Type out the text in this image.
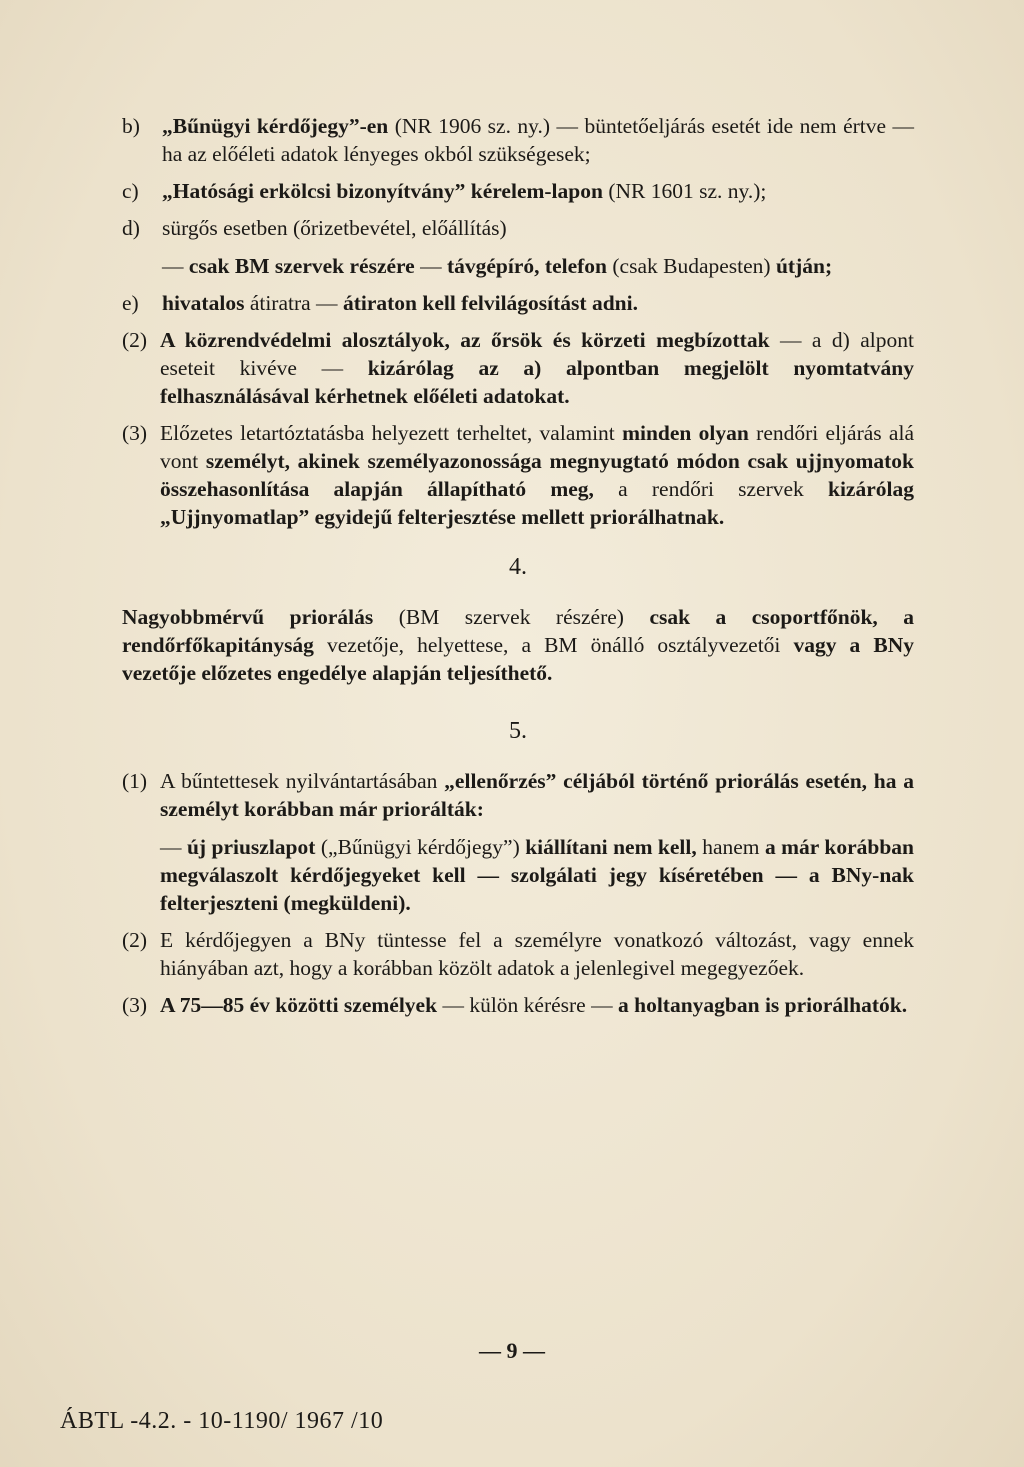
b) „Bűnügyi kérdőjegy”-en (NR 1906 sz. ny.) — büntetőeljárás esetét ide nem értve — ha az előéleti adatok lényeges okból szükségesek;

c) „Hatósági erkölcsi bizonyítvány” kérelem-lapon (NR 1601 sz. ny.);

d) sürgős esetben (őrizetbevétel, előállítás)

— csak BM szervek részére — távgépíró, telefon (csak Budapesten) útján;

e) hivatalos átiratra — átiraton kell felvilágosítást adni.

(2) A közrendvédelmi alosztályok, az őrsök és körzeti megbízottak — a d) alpont eseteit kivéve — kizárólag az a) alpontban megjelölt nyomtatvány felhasználásával kérhetnek előéleti adatokat.

(3) Előzetes letartóztatásba helyezett terheltet, valamint minden olyan rendőri eljárás alá vont személyt, akinek személyazonossága megnyugtató módon csak ujjnyomatok összehasonlítása alapján állapítható meg, a rendőri szervek kizárólag „Ujjnyomatlap” egyidejű felterjesztése mellett priorálhatnak.

4.

Nagyobbmérvű priorálás (BM szervek részére) csak a csoportfőnök, a rendőrfőkapitányság vezetője, helyettese, a BM önálló osztályvezetői vagy a BNy vezetője előzetes engedélye alapján teljesíthető.

5.
(1) A bűntettesek nyilvántartásában „ellenőrzés” céljából történő priorálás esetén, ha a személyt korábban már priorálták:

— új priuszlapot („Bűnügyi kérdőjegy”) kiállítani nem kell, hanem a már korábban megválaszolt kérdőjegyeket kell — szolgálati jegy kíséretében — a BNy-nak felterjeszteni (megküldeni).

(2) E kérdőjegyen a BNy tüntesse fel a személyre vonatkozó változást, vagy ennek hiányában azt, hogy a korábban közölt adatok a jelenlegivel megegyezőek.

(3) A 75—85 év közötti személyek — külön kérésre — a holtanyagban is priorálhatók.

— 9 —
ÁBTL -4.2. - 10-1190/ 1967 /10
